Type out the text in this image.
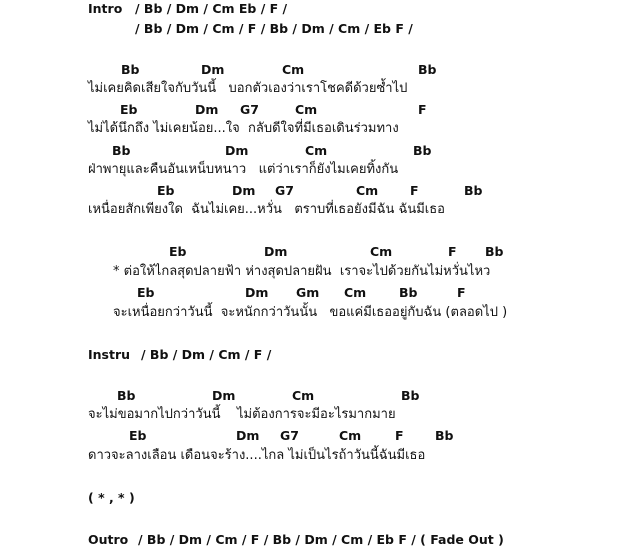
Intro / Bb / Dm / Cm Eb / F /
/ Bb / Dm / Cm / F / Bb / Dm / Cm / Eb F /
Bb	Dm	Cm	Bb
ไม่เคยคิดเสียใจกับวันนี้   บอกตัวเองว่าเราโชคดีด้วยซ้ำไป
Eb	Dm G7	Cm	F
ไม่ได้นึกถึง ไม่เคยน้อย...ใจ  กลับดีใจที่มีเธอเดินร่วมทาง
Bb	Dm	Cm	Bb
ฝ่าพายุและคืนอันเหน็บหนาว   แต่ว่าเราก็ยังไมเคยทิ้งกัน
Eb	Dm G7	Cm	F	Bb
เหนื่อยสักเพียงใด  ฉันไม่เคย...หวั่น   ตราบที่เธอยังมีฉัน ฉันมีเธอ
Eb	Dm	Cm	F Bb
* ต่อให้ไกลสุดปลายฟ้า ห่างสุดปลายฝัน  เราจะไปด้วยกันไม่หวั่นไหว
Eb	Dm Gm Cm	Bb	F
จะเหนื่อยกว่าวันนี้  จะหนักกว่าวันนั้น   ขอแค่มีเธออยู่กับฉัน (ตลอดไป )
Instru / Bb / Dm / Cm / F /
Bb	Dm	Cm	Bb
จะไม่ขอมากไปกว่าวันนี้    ไม่ต้องการจะมีอะไรมากมาย
Eb	Dm G7	Cm	F	Bb
ดาวจะลางเลือน เดือนจะร้าง....ไกล ไม่เป็นไรถ้าวันนี้ฉันมีเธอ
( * , * )
Outro / Bb / Dm / Cm / F / Bb / Dm / Cm / Eb F / ( Fade Out )
